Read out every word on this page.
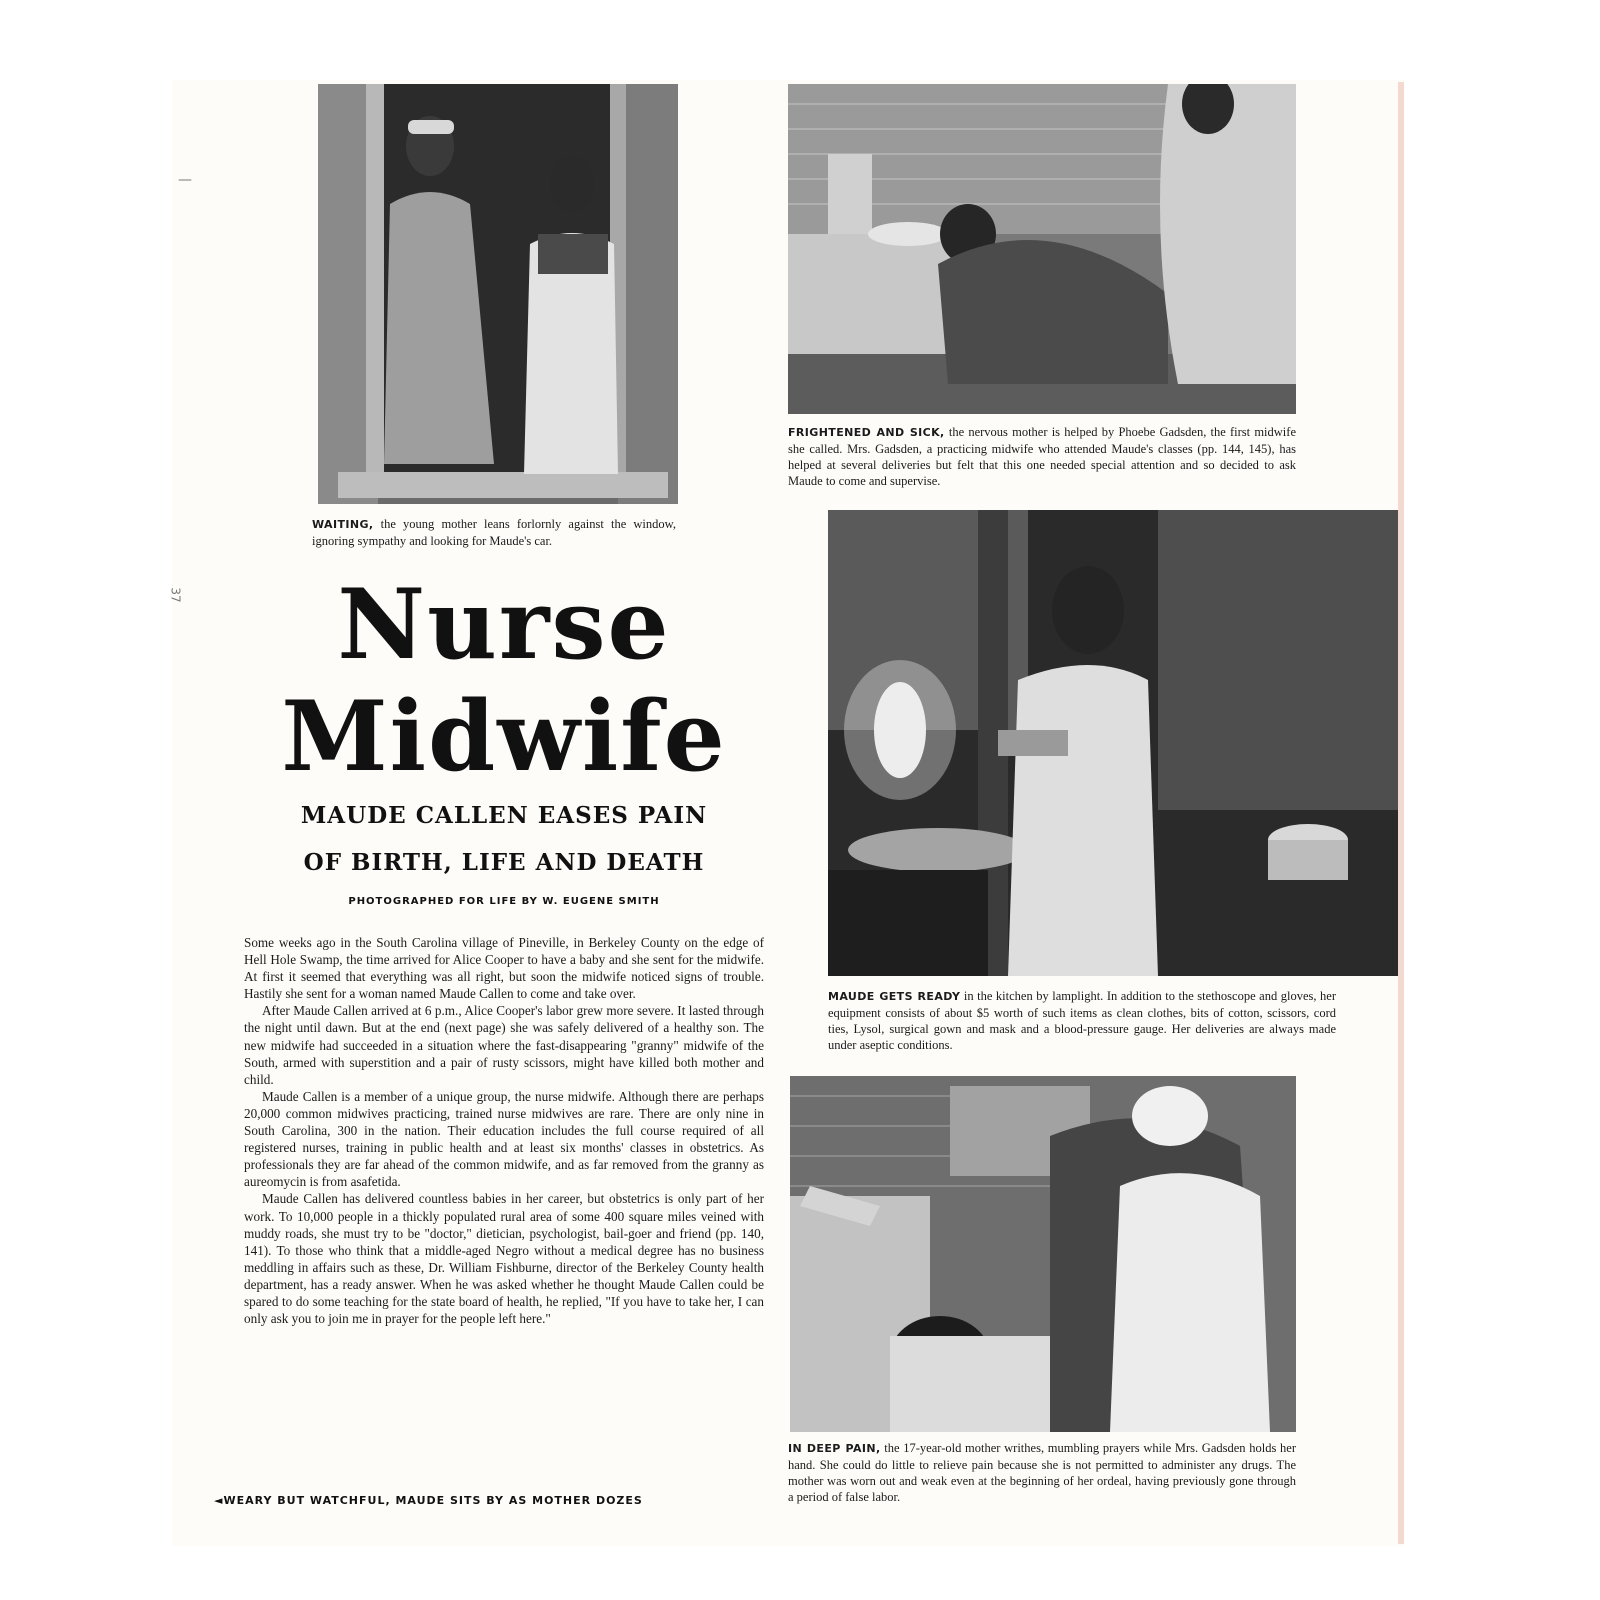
—
37
WAITING, the young mother leans forlornly against the window, ignoring sympathy and looking for Maude's car.
FRIGHTENED AND SICK, the nervous mother is helped by Phoebe Gadsden, the first midwife she called. Mrs. Gadsden, a practicing midwife who attended Maude's classes (pp. 144, 145), has helped at several deliveries but felt that this one needed special attention and so decided to ask Maude to come and supervise.
Nurse
Midwife
MAUDE CALLEN EASES PAIN
OF BIRTH, LIFE AND DEATH
PHOTOGRAPHED FOR LIFE BY W. EUGENE SMITH

Some weeks ago in the South Carolina village of Pineville, in Berkeley County on the edge of Hell Hole Swamp, the time arrived for Alice Cooper to have a baby and she sent for the midwife. At first it seemed that everything was all right, but soon the midwife noticed signs of trouble. Hastily she sent for a woman named Maude Callen to come and take over.

After Maude Callen arrived at 6 p.m., Alice Cooper's labor grew more severe. It lasted through the night until dawn. But at the end (next page) she was safely delivered of a healthy son. The new midwife had succeeded in a situation where the fast-disappearing "granny" midwife of the South, armed with superstition and a pair of rusty scissors, might have killed both mother and child.

Maude Callen is a member of a unique group, the nurse midwife. Although there are perhaps 20,000 common midwives practicing, trained nurse midwives are rare. There are only nine in South Carolina, 300 in the nation. Their education includes the full course required of all registered nurses, training in public health and at least six months' classes in obstetrics. As professionals they are far ahead of the common midwife, and as far removed from the granny as aureomycin is from asafetida.

Maude Callen has delivered countless babies in her career, but obstetrics is only part of her work. To 10,000 people in a thickly populated rural area of some 400 square miles veined with muddy roads, she must try to be "doctor," dietician, psychologist, bail-goer and friend (pp. 140, 141). To those who think that a middle-aged Negro without a medical degree has no business meddling in affairs such as these, Dr. William Fishburne, director of the Berkeley County health department, has a ready answer. When he was asked whether he thought Maude Callen could be spared to do some teaching for the state board of health, he replied, "If you have to take her, I can only ask you to join me in prayer for the people left here."

MAUDE GETS READY in the kitchen by lamplight. In addition to the stethoscope and gloves, her equipment consists of about $5 worth of such items as clean clothes, bits of cotton, scissors, cord ties, Lysol, surgical gown and mask and a blood-pressure gauge. Her deliveries are always made under aseptic conditions.
IN DEEP PAIN, the 17-year-old mother writhes, mumbling prayers while Mrs. Gadsden holds her hand. She could do little to relieve pain because she is not permitted to administer any drugs. The mother was worn out and weak even at the beginning of her ordeal, having previously gone through a period of false labor.
◄WEARY BUT WATCHFUL, MAUDE SITS BY AS MOTHER DOZES
